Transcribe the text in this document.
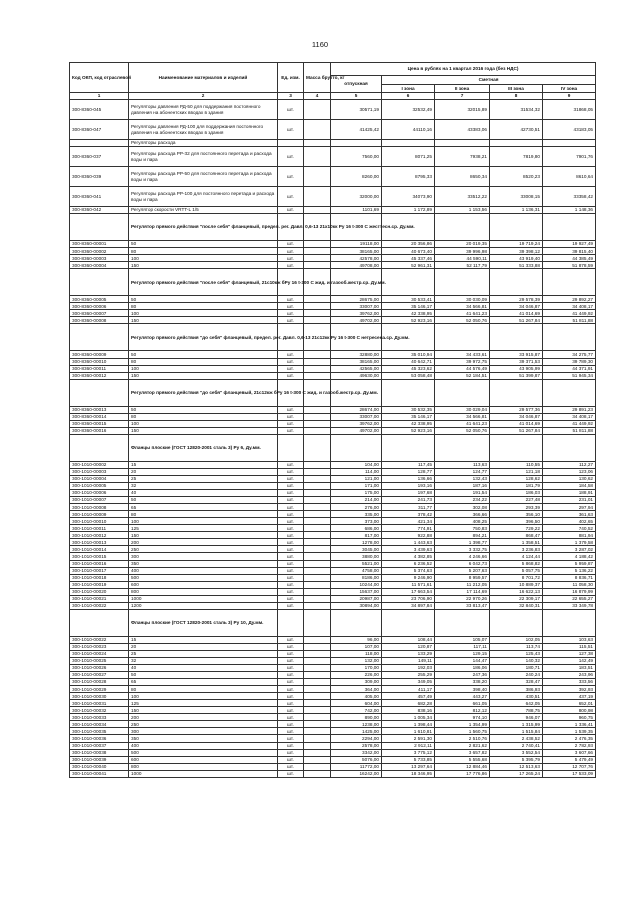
1160
Код ОКП, код отраслевой	Наименование материалов и изделий	Ед. изм.	Масса брутто, кг	Цена в рублях на 1 квартал 2016 года (без НДС)				
				отпускная	Сметная			
					I зона	II зона	III зона	IV зона
1	2	3	4	5	6	7	8	9
300-8360-045	Регуляторы давления РД-50 для поддержания постоянного давления на абонентских вводах в здания	шт.		30571,19	32532,49	32015,89	31534,32	31868,05
300-8360-047	Регуляторы давления РД-100 для поддержания постоянного давления на абонентских вводах в здания	шт.		41425,42	44110,16	43383,06	42730,51	43183,05
	Регуляторы расхода							
300-8360-037	Регуляторы расхода РР-32 для постоянного перетада и расхода воды и пара	шт.		7560,00	8071,25	7938,21	7819,80	7901,76
300-8360-039	Регуляторы расхода РР-50 для постоянного перетада и расхода воды и пара	шт.		8260,00	8795,33	8650,34	8520,23	8610,64
300-8360-041	Регуляторы расхода РР-100 для постоянного перетада и расхода воды и пара	шт.		32000,00	34073,90	33512,22	33008,15	33358,42
300-8360-042	Регулятор скорости VRTT-L 1/5	шт.		1101,69	1 172,89	1 153,56	1 136,31	1 148,36
	Регулятор прямого действия "после себя" фланцевый, предел. рег. Давл. 0,6-13 21х10кк Ру 16 t-300 С жесттесн.ср. Ду.мм.							
300-8360-00001	50	шт.		19118,00	20 356,86	20 019,35	19 719,24	19 927,49
300-8360-00002	80	шт.		38165,00	40 673,40	39 996,98	39 398,12	39 815,40
300-8360-00003	100	шт.		42578,00	45 337,46	44 590,11	43 919,40	44 385,49
300-8360-00004	150	шт.		49708,00	52 961,31	52 117,79	51 333,88	51 878,59
	Регулятор прямого действия "после себя" фланцевый, 21с10кж бРу 16 t-300 С жид. и газооб.жестр.ср. Ду.мм.							
300-8360-00005	50	шт.		28675,00	30 533,41	30 030,09	29 578,39	29 892,27
300-8360-00006	80	шт.		33007,00	35 146,17	34 566,81	34 046,87	34 408,17
300-8360-00007	100	шт.		39762,00	42 338,95	41 641,23	41 014,69	41 449,92
300-8360-00008	150	шт.		49702,00	52 923,16	52 050,76	51 267,84	51 811,88
	Регулятор прямого действия "до себя" фланцевый, предел. рег. Давл. 0,6-13 21с12кк Ру 16 t-300 С нетресена.ср. Ду.мм.							
300-8360-00009	50	шт.		32880,00	35 010,94	34 433,61	33 915,87	34 275,77
300-8360-00010	80	шт.		38165,00	40 642,71	39 972,75	39 371,53	39 789,30
300-8360-00011	100	шт.		42565,00	45 323,62	44 576,49	43 905,99	44 371,91
300-8360-00012	150	шт.		49630,00	53 058,48	52 184,51	51 399,87	51 945,34
	Регулятор прямого действия "до себя" фланцевый, 21с12кж бРу 16 t-300 С жид. и газооб.жестр.ср. Ду.мм.							
300-8360-00013	50	шт.		28674,00	30 532,35	30 029,04	29 577,36	29 891,23
300-8360-00014	80	шт.		33007,00	35 146,17	34 566,81	34 046,87	34 408,17
300-8360-00015	100	шт.		39762,00	42 338,95	41 641,23	41 014,69	41 449,92
300-8360-00016	150	шт.		49702,00	52 923,16	52 050,76	51 267,84	51 811,88
	Фланцы плоские (ГОСТ 12820-2001 сталь 3) Ру 6, Ду.мм.							
300-1010-00002	15	шт.		104,00	117,45	113,63	110,55	112,27
300-1010-00003	20	шт.		114,00	128,77	124,77	121,18	123,06
300-1010-00004	25	шт.		121,00	136,66	132,43	128,62	130,62
300-1010-00005	32	шт.		171,00	193,16	187,16	181,79	184,58
300-1010-00006	40	шт.		175,00	197,68	191,54	186,03	188,91
300-1010-00007	50	шт.		214,00	241,73	234,22	227,48	231,01
300-1010-00008	65	шт.		276,00	311,77	302,08	293,39	297,94
300-1010-00009	80	шт.		335,00	378,42	366,66	356,10	361,63
300-1010-00010	100	шт.		373,00	421,34	408,25	396,50	402,65
300-1010-00011	125	шт.		686,00	774,91	750,83	729,22	740,52
300-1010-00012	150	шт.		817,00	922,88	894,21	868,47	881,94
300-1010-00013	200	шт.		1278,00	1 443,63	1 398,77	1 358,51	1 379,58
300-1010-00014	250	шт.		3045,00	3 439,63	3 332,75	3 236,83	3 287,02
300-1010-00015	300	шт.		3880,00	4 382,85	4 246,66	4 124,44	4 188,42
300-1010-00016	350	шт.		5521,00	6 236,52	6 042,73	5 868,82	5 959,87
300-1010-00017	400	шт.		4758,00	5 374,63	5 207,63	5 057,75	5 136,22
300-1010-00018	500	шт.		8186,00	9 246,90	8 959,57	8 701,72	8 836,71
300-1010-00019	600	шт.		10244,00	11 571,61	11 212,05	10 889,37	11 058,30
300-1010-00020	800	шт.		15637,00	17 663,54	17 114,69	16 622,13	16 879,99
300-1010-00021	1000	шт.		20987,00	23 706,90	22 970,26	22 309,17	22 655,27
300-1010-00022	1200	шт.		30894,00	34 897,84	33 813,47	32 840,31	33 349,78
	Фланцы плоские (ГОСТ 12820-2001 сталь 3) Ру 10, Ду.мм.							
300-1010-00022	15	шт.		96,00	108,44	105,07	102,05	103,63
300-1010-00023	20	шт.		107,00	120,87	117,11	113,74	115,51
300-1010-00024	25	шт.		118,00	133,29	129,15	125,43	127,38
300-1010-00025	32	шт.		132,00	149,11	144,47	140,32	142,49
300-1010-00026	40	шт.		170,00	192,03	186,06	180,71	183,51
300-1010-00027	50	шт.		226,00	255,29	247,36	240,24	243,96
300-1010-00028	65	шт.		309,00	349,05	338,20	328,47	333,56
300-1010-00029	80	шт.		364,00	411,17	398,40	386,93	392,93
300-1010-00030	100	шт.		405,00	457,49	443,27	430,51	437,19
300-1010-00031	125	шт.		604,00	682,28	661,05	642,05	652,01
300-1010-00032	150	шт.		742,00	838,16	812,12	788,75	800,98
300-1010-00033	200	шт.		890,00	1 005,34	974,10	946,07	960,75
300-1010-00034	250	шт.		1238,00	1 398,44	1 354,99	1 315,99	1 336,41
300-1010-00035	300	шт.		1425,00	1 610,81	1 560,75	1 515,84	1 539,35
300-1010-00036	350	шт.		2294,00	2 591,30	2 510,76	2 438,52	2 476,35
300-1010-00037	400	шт.		2578,00	2 912,11	2 821,62	2 740,41	2 782,93
300-1010-00038	500	шт.		3342,00	3 775,12	3 657,82	3 552,54	3 607,66
300-1010-00039	600	шт.		5076,00	5 733,85	5 555,68	5 395,79	5 479,49
300-1010-00040	800	шт.		11772,00	13 297,64	12 884,46	12 513,63	12 707,76
300-1010-00041	1000	шт.		16242,00	18 346,95	17 776,86	17 265,24	17 533,09
